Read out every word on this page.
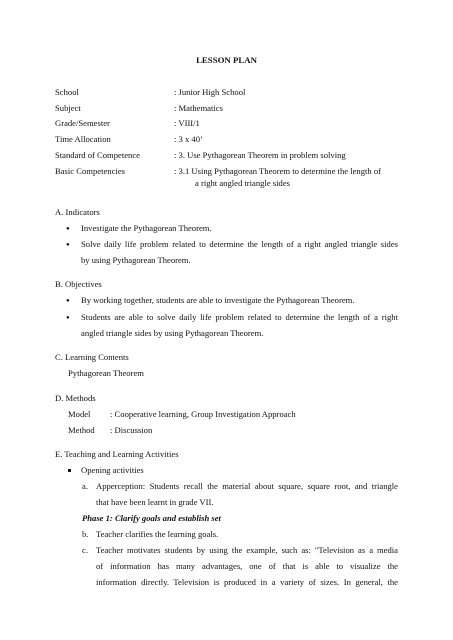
LESSON PLAN
School	: Junior High School
Subject	: Mathematics
Grade/Semester	: VIII/1
Time Allocation	: 3 x 40’
Standard of Competence	: 3. Use Pythagorean Theorem in problem solving
Basic Competencies	: 3.1 Using Pythagorean Theorem to determine the length of
a right angled triangle sides
A. Indicators
● Investigate the Pythagorean Theorem.
● Solve daily life problem related to determine the length of a right angled triangle sides
by using Pythagorean Theorem.
B. Objectives
● By working together, students are able to investigate the Pythagorean Theorem.
● Students are able to solve daily life problem related to determine the length of a right
angled triangle sides by using Pythagorean Theorem.
C. Learning Contents
Pythagorean Theorem
D. Methods
Model : Cooperative learning, Group Investigation Approach
Method : Discussion
E. Teaching and Learning Activities
Opening activities
a. Apperception: Students recall the material about square, square root, and triangle
that have been learnt in grade VII.
Phase 1: Clarify goals and establish set
b. Teacher clarifies the learning goals.
c. Teacher motivates students by using the example, such as: "Television as a media
of information has many advantages, one of that is able to visualize the
information directly. Television is produced in a variety of sizes. In general, the
